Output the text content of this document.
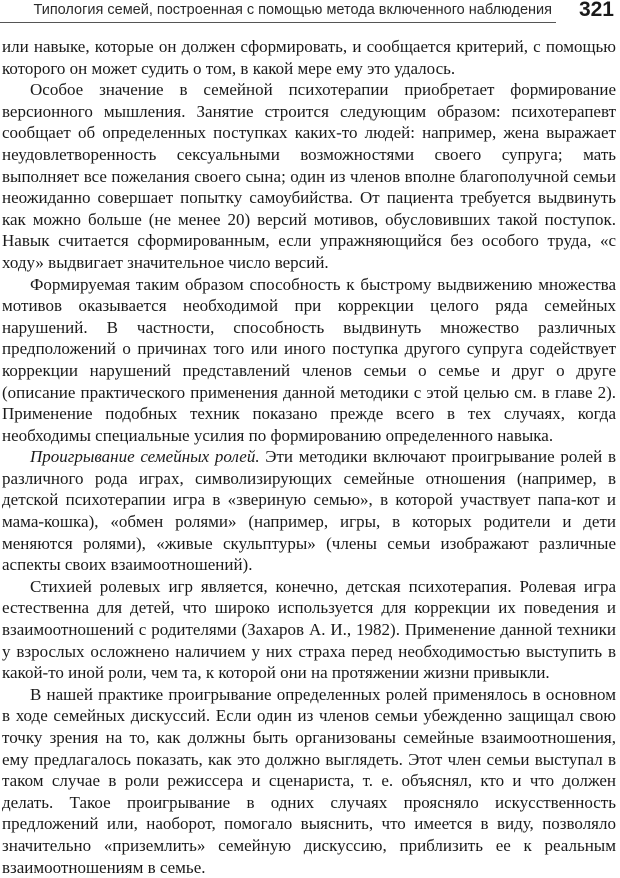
Типология семей, построенная с помощью метода включенного наблюдения 321

или навыке, которые он должен сформировать, и сообщается критерий, с помощью которого он может судить о том, в какой мере ему это удалось.

Особое значение в семейной психотерапии приобретает формирование версионного мышления. Занятие строится следующим образом: психотерапевт сообщает об определенных поступках каких-то людей: например, жена выражает неудовлетворенность сексуальными возможностями своего супруга; мать выполняет все пожелания своего сына; один из членов вполне благополучной семьи неожиданно совершает попытку самоубийства. От пациента требуется выдвинуть как можно больше (не менее 20) версий мотивов, обусловивших такой поступок. Навык считается сформированным, если упражняющийся без особого труда, «с ходу» выдвигает значительное число версий.

Формируемая таким образом способность к быстрому выдвижению множества мотивов оказывается необходимой при коррекции целого ряда семейных нарушений. В частности, способность выдвинуть множество различных предположений о причинах того или иного поступка другого супруга содействует коррекции нарушений представлений членов семьи о семье и друг о друге (описание практического применения данной методики с этой целью см. в главе 2). Применение подобных техник показано прежде всего в тех случаях, когда необходимы специальные усилия по формированию определенного навыка.

Проигрывание семейных ролей. Эти методики включают проигрывание ролей в различного рода играх, символизирующих семейные отношения (например, в детской психотерапии игра в «звериную семью», в которой участвует папа-кот и мама-кошка), «обмен ролями» (например, игры, в которых родители и дети меняются ролями), «живые скульптуры» (члены семьи изображают различные аспекты своих взаимоотношений).

Стихией ролевых игр является, конечно, детская психотерапия. Ролевая игра естественна для детей, что широко используется для коррекции их поведения и взаимоотношений с родителями (Захаров А. И., 1982). Применение данной техники у взрослых осложнено наличием у них страха перед необходимостью выступить в какой-то иной роли, чем та, к которой они на протяжении жизни привыкли.

В нашей практике проигрывание определенных ролей применялось в основном в ходе семейных дискуссий. Если один из членов семьи убежденно защищал свою точку зрения на то, как должны быть организованы семейные взаимоотношения, ему предлагалось показать, как это должно выглядеть. Этот член семьи выступал в таком случае в роли режиссера и сценариста, т. е. объяснял, кто и что должен делать. Такое проигрывание в одних случаях проясняло искусственность предложений или, наоборот, помогало выяснить, что имеется в виду, позволяло значительно «приземлить» семейную дискуссию, приблизить ее к реальным взаимоотношениям в семье.
